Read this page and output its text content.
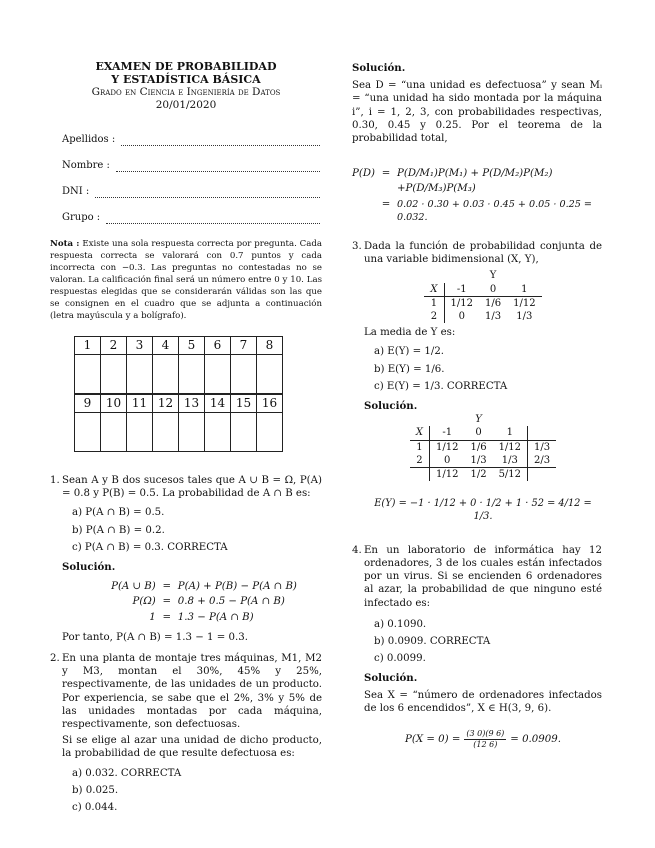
EXAMEN DE PROBABILIDAD
Y ESTADÍSTICA BÁSICA
Grado en Ciencia e Ingeniería de Datos
20/01/2020
Apellidos :
Nombre :
DNI :
Grupo :
Nota : Existe una sola respuesta correcta por pregunta. Cada respuesta correcta se valorará con 0.7 puntos y cada incorrecta con −0.3. Las preguntas no contestadas no se valoran. La calificación final será un número entre 0 y 10. Las respuestas elegidas que se considerarán válidas son las que se consignen en el cuadro que se adjunta a continuación (letra mayúscula y a bolígrafo).
1	2	3	4	5	6	7	8

9	10	11	12	13	14	15	16

1. Sean A y B dos sucesos tales que A ∪ B = Ω, P(A) = 0.8 y P(B) = 0.5. La probabilidad de A ∩ B es:
a) P(A ∩ B) = 0.5.
b) P(A ∩ B) = 0.2.
c) P(A ∩ B) = 0.3. CORRECTA
Solución.
P(A ∪ B) = P(A) + P(B) − P(A ∩ B)
P(Ω) = 0.8 + 0.5 − P(A ∩ B)
1 = 1.3 − P(A ∩ B)
Por tanto, P(A ∩ B) = 1.3 − 1 = 0.3.
2. En una planta de montaje tres máquinas, M1, M2 y M3, montan el 30%, 45% y 25%, respectivamente, de las unidades de un producto. Por experiencia, se sabe que el 2%, 3% y 5% de las unidades montadas por cada máquina, respectivamente, son defectuosas.
Si se elige al azar una unidad de dicho producto, la probabilidad de que resulte defectuosa es:
a) 0.032. CORRECTA
b) 0.025.
c) 0.044.
Solución.
Sea D = “una unidad es defectuosa” y sean Mᵢ = “una unidad ha sido montada por la máquina i”, i = 1, 2, 3, con probabilidades respectivas, 0.30, 0.45 y 0.25. Por el teorema de la probabilidad total,
P(D) = P(D/M₁)P(M₁) + P(D/M₂)P(M₂)
+P(D/M₃)P(M₃)
= 0.02 · 0.30 + 0.03 · 0.45 + 0.05 · 0.25 = 0.032.
3. Dada la función de probabilidad conjunta de una variable bidimensional (X, Y),
		Y	
X	-1	0	1
1	1/12	1/6	1/12
2	0	1/3	1/3
La media de Y es:
a) E(Y) = 1/2.
b) E(Y) = 1/6.
c) E(Y) = 1/3. CORRECTA
Solución.
		Y		
X	-1	0	1	
1	1/12	1/6	1/12	1/3
2	0	1/3	1/3	2/3
	1/12	1/2	5/12	
E(Y) = −1 · 1/12 + 0 · 1/2 + 1 · 52 = 4/12 = 1/3.
4. En un laboratorio de informática hay 12 ordenadores, 3 de los cuales están infectados por un virus. Si se encienden 6 ordenadores al azar, la probabilidad de que ninguno esté infectado es:
a) 0.1090.
b) 0.0909. CORRECTA
c) 0.0099.
Solución.
Sea X = “número de ordenadores infectados de los 6 encendidos”, X ∈ H(3, 9, 6).
$P(X = 0) = \frac{(3 0)(9 6)}{(12 6)} = 0.0909$.
